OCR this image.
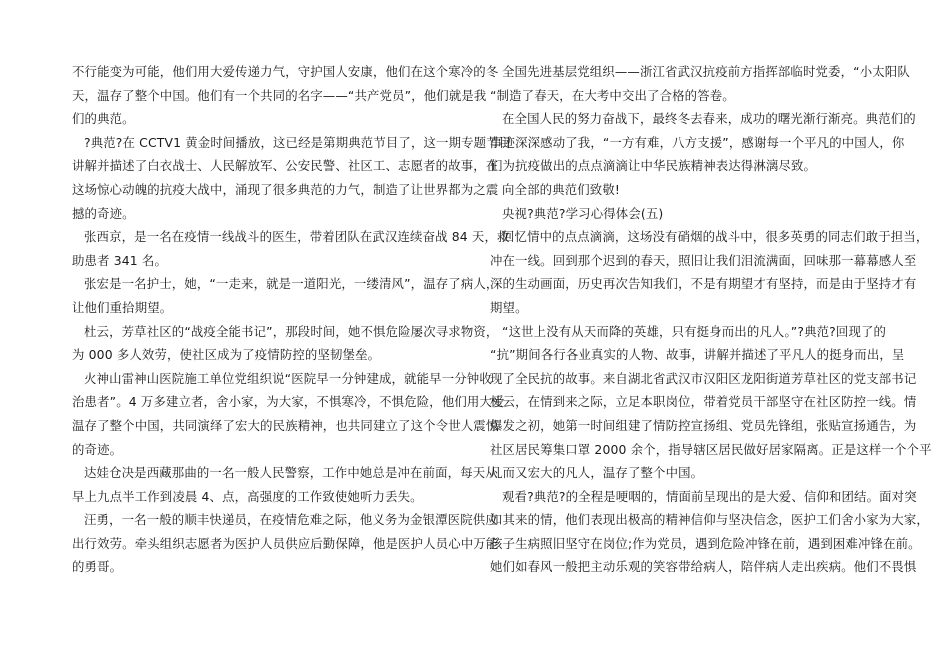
不行能变为可能，他们用大爱传递力气，守护国人安康，他们在这个寒冷的冬
天，温存了整个中国。他们有一个共同的名字——“共产党员”，他们就是我
们的典范。
?典范?在 CCTV1 黄金时间播放，这已经是第期典范节目了，这一期专题节目
讲解并描述了白衣战士、人民解放军、公安民警、社区工、志愿者的故事，在
这场惊心动魄的抗疫大战中，涌现了很多典范的力气，制造了让世界都为之震
撼的奇迹。
张西京，是一名在疫情一线战斗的医生，带着团队在武汉连续奋战 84 天，救
助患者 341 名。
张宏是一名护士，她，“一走来，就是一道阳光，一缕清风”，温存了病人，
让他们重拾期望。
杜云，芳草社区的“战疫全能书记”，那段时间，她不惧危险屡次寻求物资，
为 000 多人效劳，使社区成为了疫情防控的坚韧堡垒。
火神山雷神山医院施工单位党组织说“医院早一分钟建成，就能早一分钟收
治患者”。4 万多建立者，舍小家，为大家，不惧寒冷，不惧危险，他们用大爱
温存了整个中国，共同演绎了宏大的民族精神，也共同建立了这个令世人震惊
的奇迹。
达娃仓决是西藏那曲的一名一般人民警察，工作中她总是冲在前面，每天从
早上九点半工作到凌晨 4、点，高强度的工作致使她听力丢失。
汪勇，一名一般的顺丰快递员，在疫情危难之际，他义务为金银潭医院供应
出行效劳。牵头组织志愿者为医护人员供应后勤保障，他是医护人员心中万能
的勇哥。
全国先进基层党组织——浙江省武汉抗疫前方指挥部临时党委，“小太阳队
“制造了春天，在大考中交出了合格的答卷。
在全国人民的努力奋战下，最终冬去春来，成功的曙光渐行渐亮。典范们的
事迹深深感动了我，“一方有难，八方支援”，感谢每一个平凡的中国人，你
们为抗疫做出的点点滴滴让中华民族精神表达得淋漓尽致。
向全部的典范们致敬!
央视?典范?学习心得体会(五)
回忆情中的点点滴滴，这场没有硝烟的战斗中，很多英勇的同志们敢于担当，
冲在一线。回到那个迟到的春天，照旧让我们泪流满面，回味那一幕幕感人至
深的生动画面，历史再次告知我们，不是有期望才有坚持，而是由于坚持才有
期望。
“这世上没有从天而降的英雄，只有挺身而出的凡人。”?典范?回现了的
“抗”期间各行各业真实的人物、故事，讲解并描述了平凡人的挺身而出，呈
现了全民抗的故事。来自湖北省武汉市汉阳区龙阳街道芳草社区的党支部书记
杜云，在情到来之际，立足本职岗位，带着党员干部坚守在社区防控一线。情
爆发之初，她第一时间组建了情防控宣扬组、党员先锋组，张贴宣扬通告，为
社区居民筹集口罩 2000 余个，指导辖区居民做好居家隔离。正是这样一个个平
凡而又宏大的凡人，温存了整个中国。
观看?典范?的全程是哽咽的，情面前呈现出的是大爱、信仰和团结。面对突
如其来的情，他们表现出极高的精神信仰与坚决信念，医护工们舍小家为大家，
孩子生病照旧坚守在岗位;作为党员，遇到危险冲锋在前，遇到困难冲锋在前。
她们如春风一般把主动乐观的笑容带给病人，陪伴病人走出疾病。他们不畏惧
